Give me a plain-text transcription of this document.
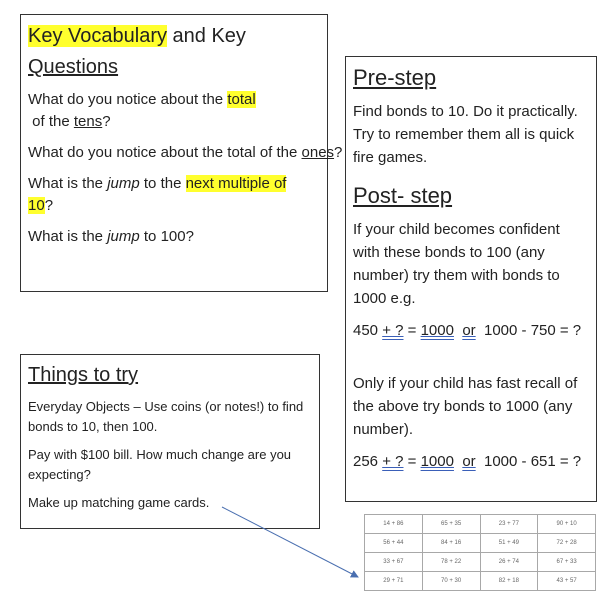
Key Vocabulary and Key
Questions

What do you notice about the total of the tens?

What do you notice about the total of the ones?

What is the jump to the next multiple of
10?

What is the jump to 100?

Pre-step

Find bonds to 10. Do it practically. Try to remember them all is quick fire games.

Post- step

If your child becomes confident with these bonds to 100 (any number) try them with bonds to 1000 e.g.

450 + ? = 1000 or  1000 - 750 = ?

Only if your child has fast recall of the above try bonds to 1000 (any number).

256 + ? = 1000 or  1000 - 651 = ?

Things to try

Everyday Objects – Use coins (or notes!) to find bonds to 10, then 100.

Pay with $100 bill. How much change are you expecting?

Make up matching game cards.

14 + 86	65 + 35	23 + 77	90 + 10
56 + 44	84 + 16	51 + 49	72 + 28
33 + 67	78 + 22	26 + 74	67 + 33
29 + 71	70 + 30	82 + 18	43 + 57
